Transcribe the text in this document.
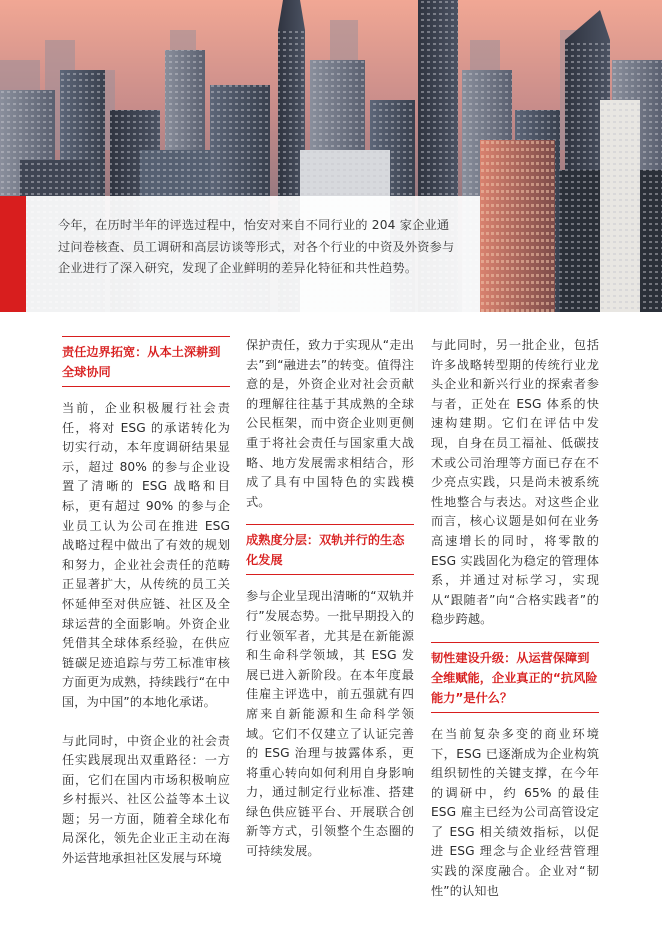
今年，在历时半年的评选过程中，怡安对来自不同行业的 204 家企业通过问卷核查、员工调研和高层访谈等形式，对各个行业的中资及外资参与企业进行了深入研究，发现了企业鲜明的差异化特征和共性趋势。

责任边界拓宽：从本土深耕到全球协同

当前，企业积极履行社会责任，将对 ESG 的承诺转化为切实行动，本年度调研结果显示，超过 80% 的参与企业设置了清晰的 ESG 战略和目标，更有超过 90% 的参与企业员工认为公司在推进 ESG 战略过程中做出了有效的规划和努力，企业社会责任的范畴正显著扩大，从传统的员工关怀延伸至对供应链、社区及全球运营的全面影响。外资企业凭借其全球体系经验，在供应链碳足迹追踪与劳工标准审核方面更为成熟，持续践行“在中国，为中国”的本地化承诺。

与此同时，中资企业的社会责任实践展现出双重路径：一方面，它们在国内市场积极响应乡村振兴、社区公益等本土议题；另一方面，随着全球化布局深化，领先企业正主动在海外运营地承担社区发展与环境

保护责任，致力于实现从“走出去”到“融进去”的转变。值得注意的是，外资企业对社会贡献的理解往往基于其成熟的全球公民框架，而中资企业则更侧重于将社会责任与国家重大战略、地方发展需求相结合，形成了具有中国特色的实践模式。

成熟度分层：双轨并行的生态化发展

参与企业呈现出清晰的“双轨并行”发展态势。一批早期投入的行业领军者，尤其是在新能源和生命科学领域，其 ESG 发展已进入新阶段。在本年度最佳雇主评选中，前五强就有四席来自新能源和生命科学领域。它们不仅建立了认证完善的 ESG 治理与披露体系，更将重心转向如何利用自身影响力，通过制定行业标准、搭建绿色供应链平台、开展联合创新等方式，引领整个生态圈的可持续发展。

与此同时，另一批企业，包括许多战略转型期的传统行业龙头企业和新兴行业的探索者参与者，正处在 ESG 体系的快速构建期。它们在评估中发现，自身在员工福祉、低碳技术或公司治理等方面已存在不少亮点实践，只是尚未被系统性地整合与表达。对这些企业而言，核心议题是如何在业务高速增长的同时，将零散的 ESG 实践固化为稳定的管理体系，并通过对标学习，实现从“跟随者”向“合格实践者”的稳步跨越。

韧性建设升级：从运营保障到全维赋能，企业真正的“抗风险能力”是什么？

在当前复杂多变的商业环境下，ESG 已逐渐成为企业构筑组织韧性的关键支撑，在今年的调研中，约 65% 的最佳 ESG 雇主已经为公司高管设定了 ESG 相关绩效指标，以促进 ESG 理念与企业经营管理实践的深度融合。企业对“韧性”的认知也
